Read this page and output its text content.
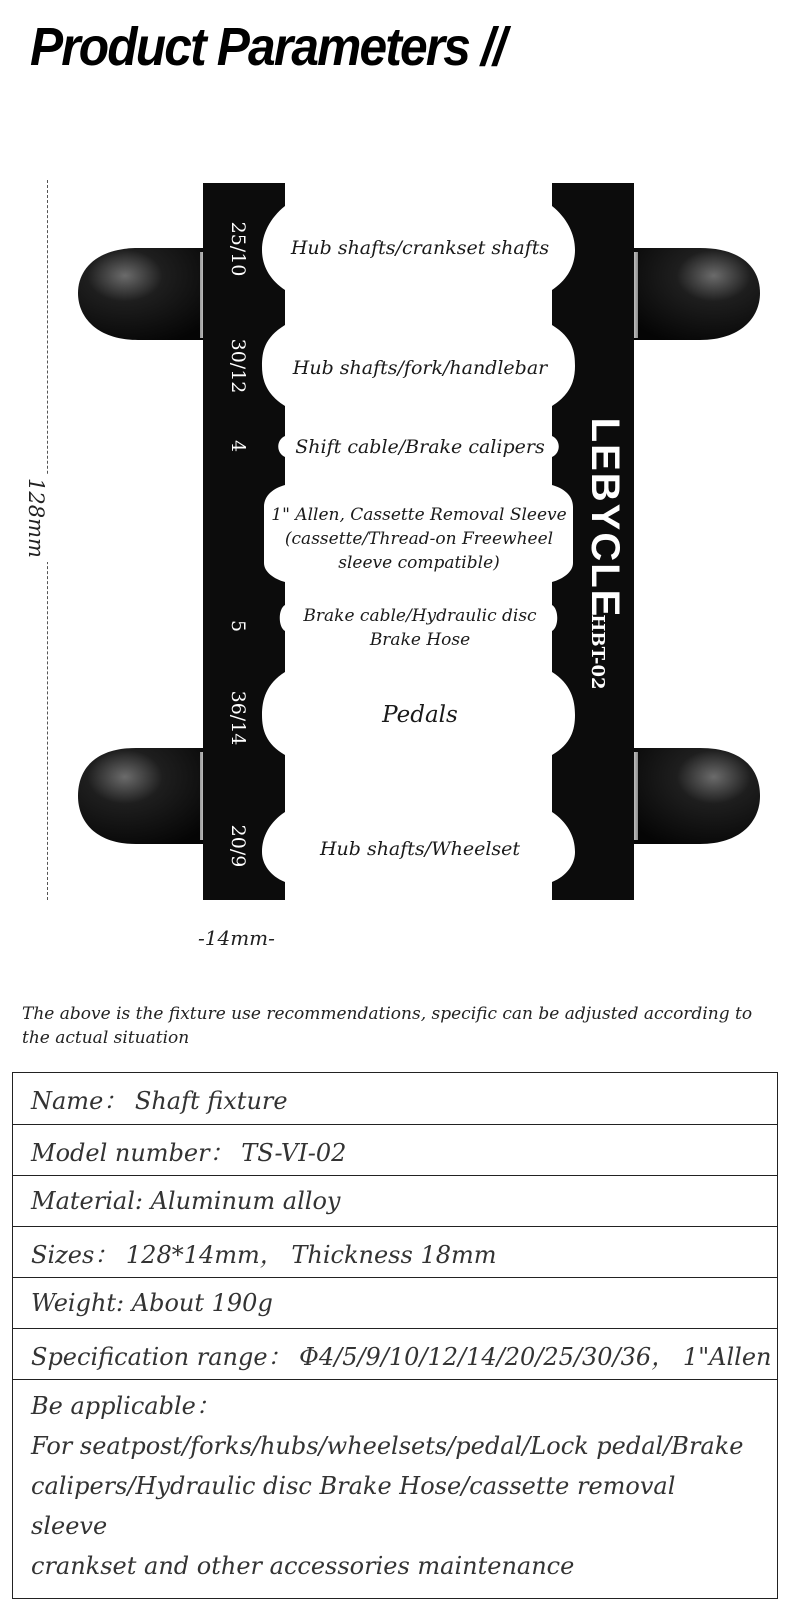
Product Parameters //
128mm
25/10
30/12
4
5
36/14
20/9
LEBYCLE
HBT-02
Hub shafts/crankset shafts
Hub shafts/fork/handlebar
Shift cable/Brake calipers
1" Allen, Cassette Removal Sleeve
(cassette/Thread-on Freewheel
sleeve compatible)
Brake cable/Hydraulic disc
Brake Hose
Pedals
Hub shafts/Wheelset
-14mm-

The above is the fixture use recommendations, specific can be adjusted according to the actual situation

Name： Shaft fixture
Model number： TS-VI-02
Material: Aluminum alloy
Sizes： 128*14mm， Thickness 18mm
Weight: About 190g
Specification range： Φ4/5/9/10/12/14/20/25/30/36， 1"Allen
Be applicable：
For seatpost/forks/hubs/wheelsets/pedal/Lock pedal/Brake
calipers/Hydraulic disc Brake Hose/cassette removal sleeve
crankset and other accessories maintenance
